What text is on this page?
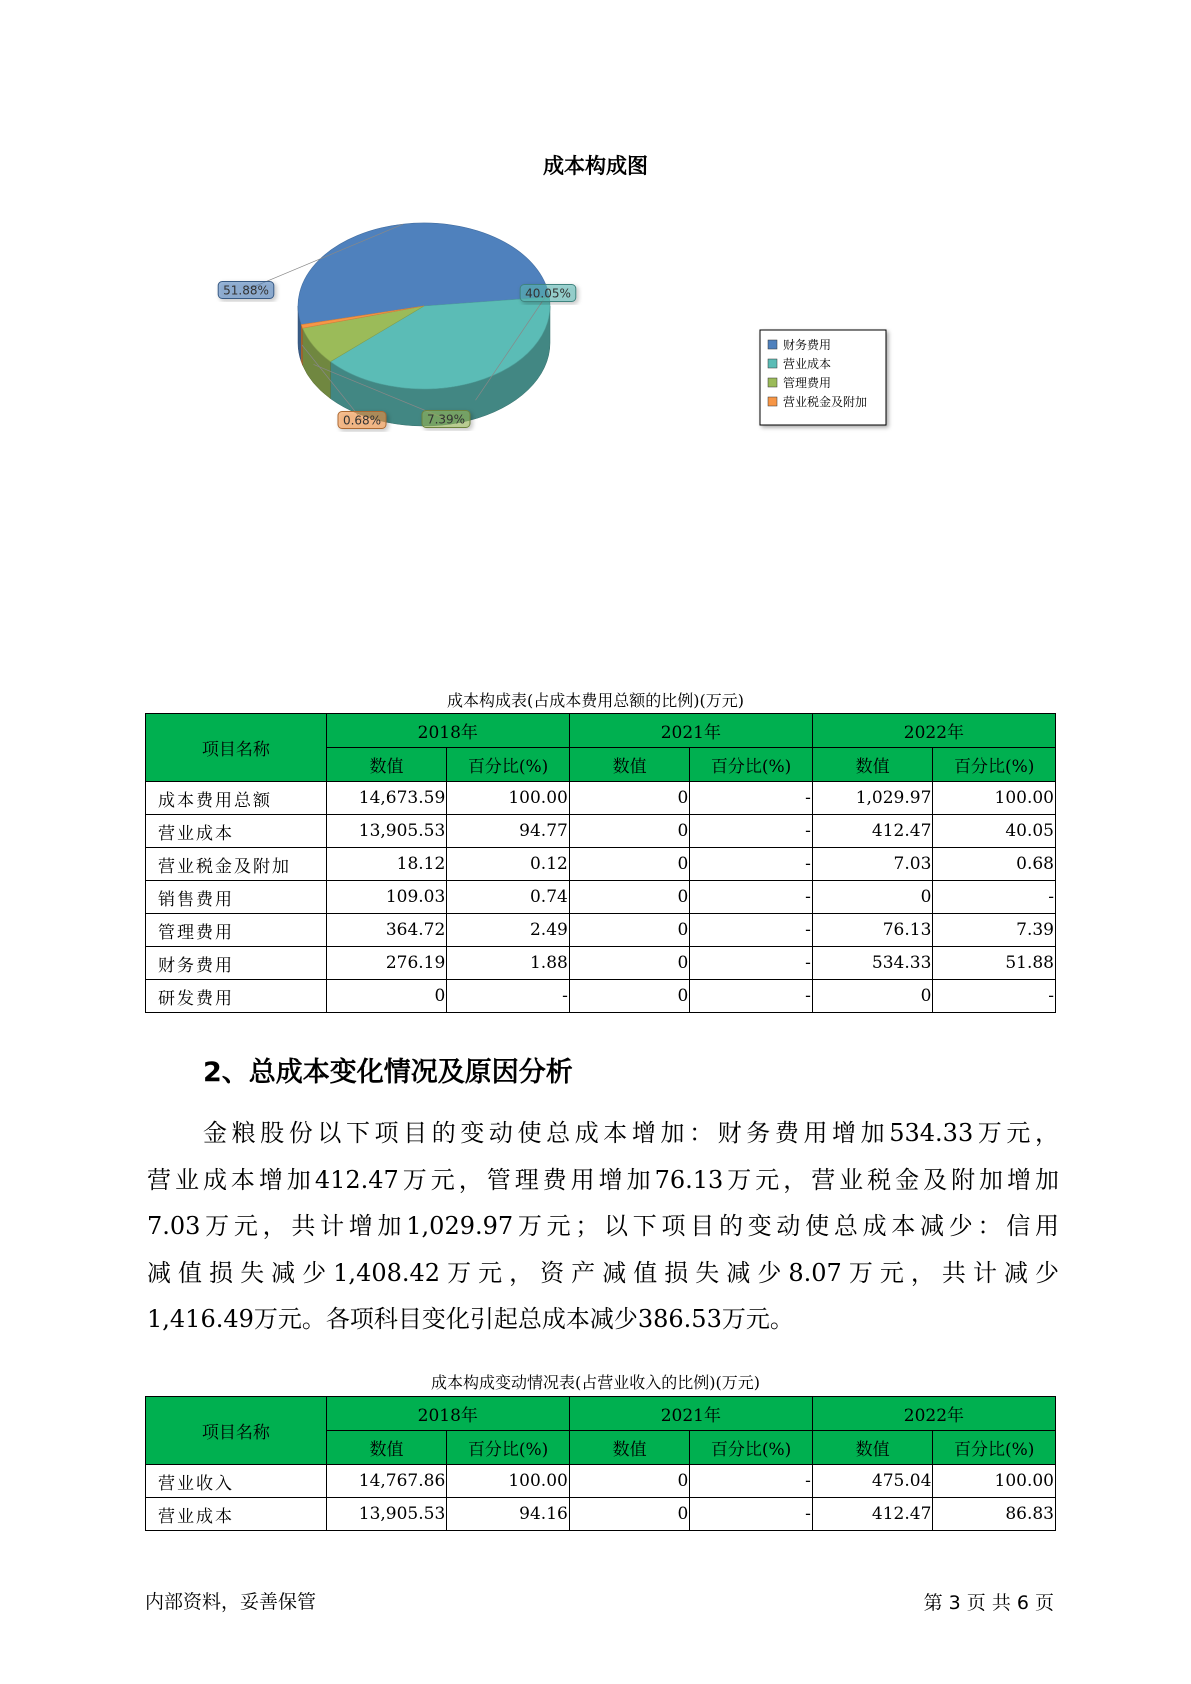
成本构成图
51.88%	40.05%
7.39%
0.68%
财务费用
营业成本
管理费用
营业税金及附加
成本构成表(占成本费用总额的比例)(万元)
项目名称	2018年		2021年		2022年	
	数值	百分比(%)	数值	百分比(%)	数值	百分比(%)
成本费用总额	14,673.59	100.00	0	-	1,029.97	100.00
营业成本	13,905.53	94.77	0	-	412.47	40.05
营业税金及附加	18.12	0.12	0	-	7.03	0.68
销售费用	109.03	0.74	0	-	0	-
管理费用	364.72	2.49	0	-	76.13	7.39
财务费用	276.19	1.88	0	-	534.33	51.88
研发费用	0	-	0	-	0	-
2、总成本变化情况及原因分析
金粮股份以下项目的变动使总成本增加：财务费用增加534.33万元，
营业成本增加412.47万元，管理费用增加76.13万元，营业税金及附加增加
7.03万元，共计增加1,029.97万元；以下项目的变动使总成本减少：信用
减值损失减少1,408.42万元，资产减值损失减少8.07万元，共计减少
1,416.49万元。各项科目变化引起总成本减少386.53万元。
成本构成变动情况表(占营业收入的比例)(万元)
项目名称	2018年		2021年		2022年	
	数值	百分比(%)	数值	百分比(%)	数值	百分比(%)
营业收入	14,767.86	100.00	0	-	475.04	100.00
营业成本	13,905.53	94.16	0	-	412.47	86.83
内部资料，妥善保管	第 3 页 共 6 页
